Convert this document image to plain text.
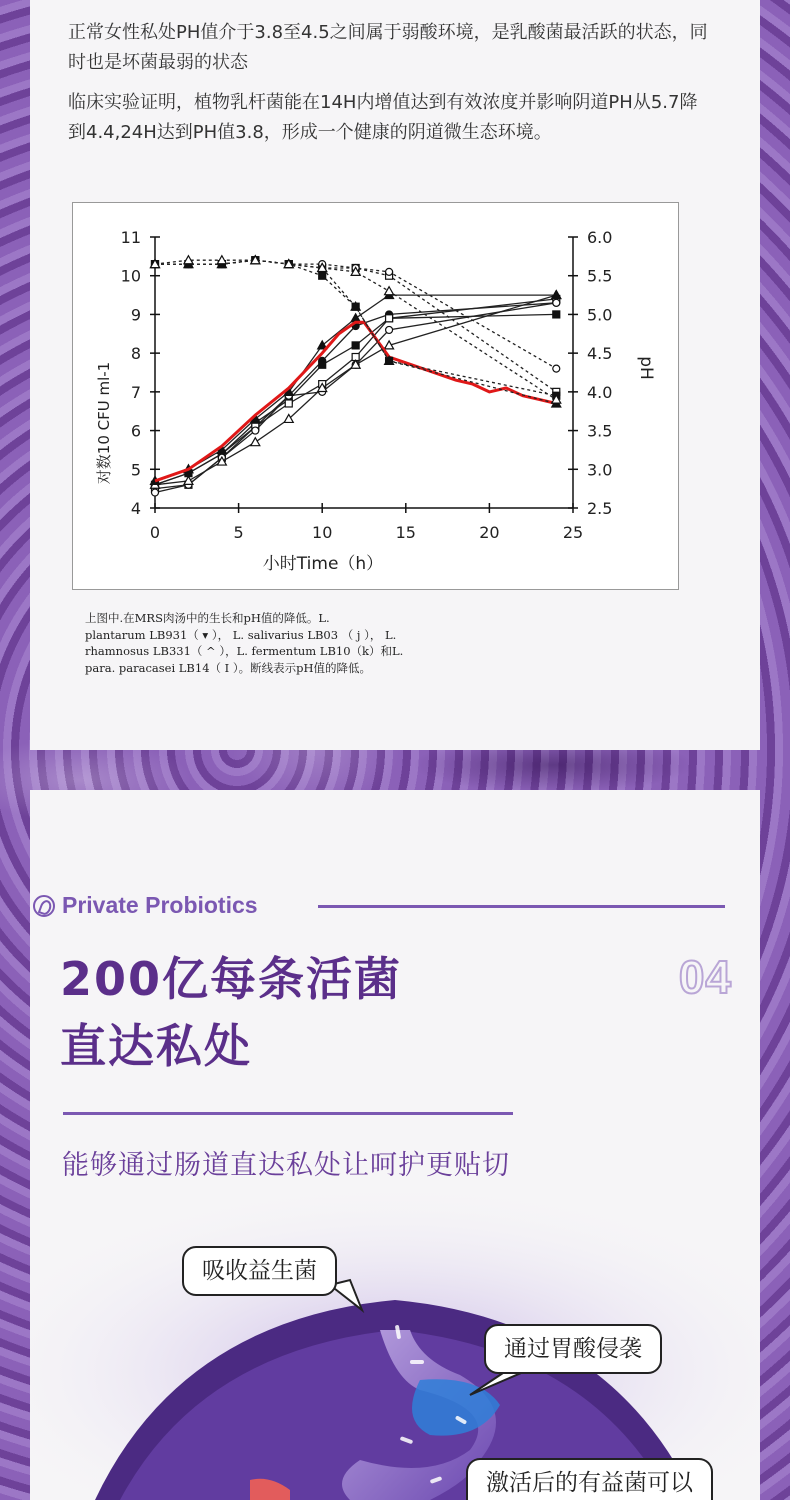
正常女性私处PH值介于3.8至4.5之间属于弱酸环境，是乳酸菌最活跃的状态，同时也是坏菌最弱的状态

临床实验证明，植物乳杆菌能在14H内增值达到有效浓度并影响阴道PH从5.7降到4.4,24H达到PH值3.8，形成一个健康的阴道微生态环境。

4
5
6
7
8
9
10
11
2.5
3.0
3.5
4.0
4.5
5.0
5.5
6.0
0	5	10	15	20	25
对数10 CFU ml-1	pH
小时Time（h）
上图中.在MRS肉汤中的生长和pH值的降低。L.
plantarum LB931（ ▾ ）， L. salivarius LB03 （ j ）， L.
rhamnosus LB331（ ^ ），L. fermentum LB10（k）和L.
para. paracasei LB14（ I ）。断线表示pH值的降低。
Private Probiotics
200亿每条活菌
直达私处
04
能够通过肠道直达私处让呵护更贴切
吸收益生菌
通过胃酸侵袭
激活后的有益菌可以
